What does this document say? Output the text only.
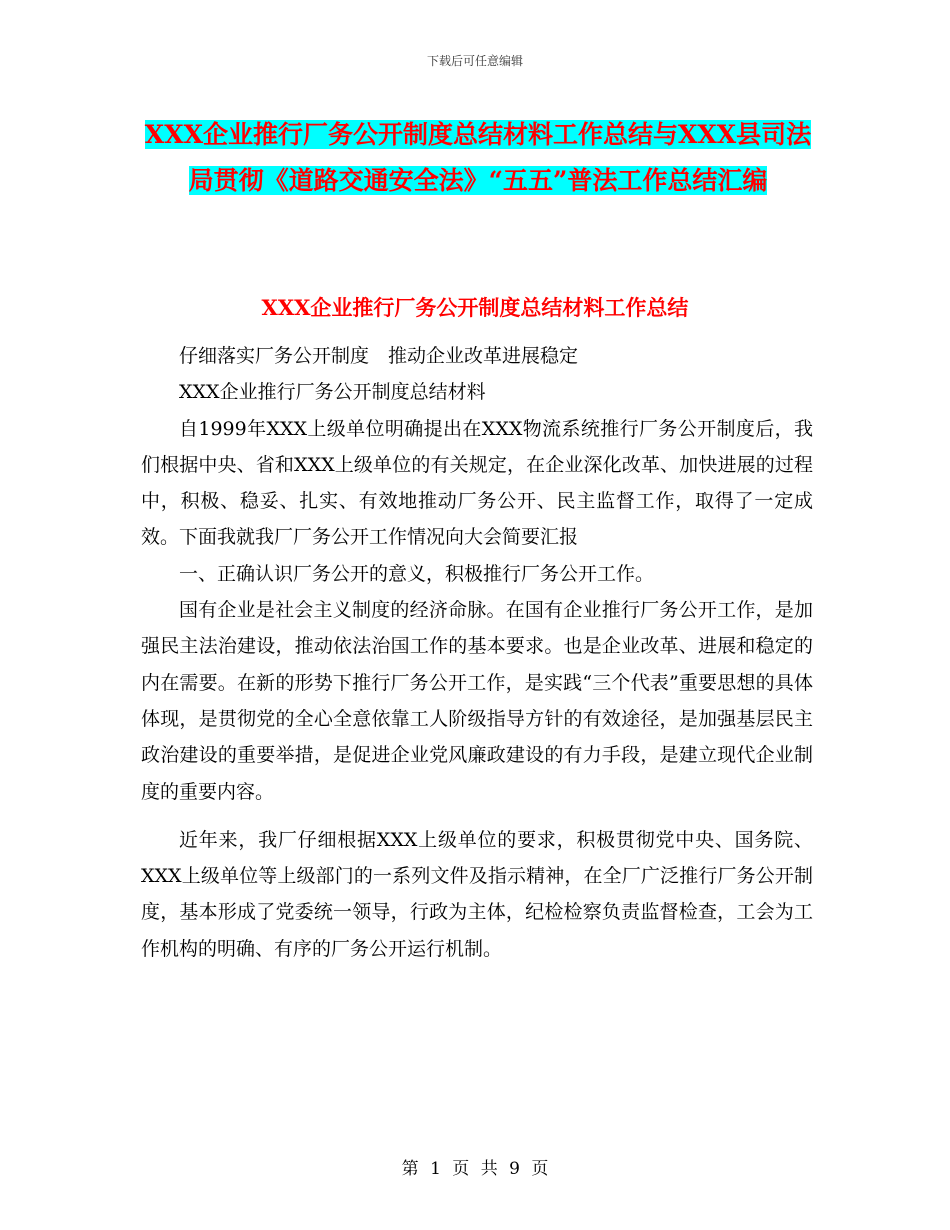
下载后可任意编辑
XXX企业推行厂务公开制度总结材料工作总结与XXX县司法局贯彻《道路交通安全法》“五五”普法工作总结汇编
XXX企业推行厂务公开制度总结材料工作总结

仔细落实厂务公开制度　推动企业改革进展稳定

XXX企业推行厂务公开制度总结材料

自1999年XXX上级单位明确提出在XXX物流系统推行厂务公开制度后，我们根据中央、省和XXX上级单位的有关规定，在企业深化改革、加快进展的过程中，积极、稳妥、扎实、有效地推动厂务公开、民主监督工作，取得了一定成效。下面我就我厂厂务公开工作情况向大会简要汇报

一、正确认识厂务公开的意义，积极推行厂务公开工作。

国有企业是社会主义制度的经济命脉。在国有企业推行厂务公开工作，是加强民主法治建设，推动依法治国工作的基本要求。也是企业改革、进展和稳定的内在需要。在新的形势下推行厂务公开工作，是实践“三个代表”重要思想的具体体现，是贯彻党的全心全意依靠工人阶级指导方针的有效途径，是加强基层民主政治建设的重要举措，是促进企业党风廉政建设的有力手段，是建立现代企业制度的重要内容。

近年来，我厂仔细根据XXX上级单位的要求，积极贯彻党中央、国务院、XXX上级单位等上级部门的一系列文件及指示精神，在全厂广泛推行厂务公开制度，基本形成了党委统一领导，行政为主体，纪检检察负责监督检查，工会为工作机构的明确、有序的厂务公开运行机制。

第 1 页 共 9 页
